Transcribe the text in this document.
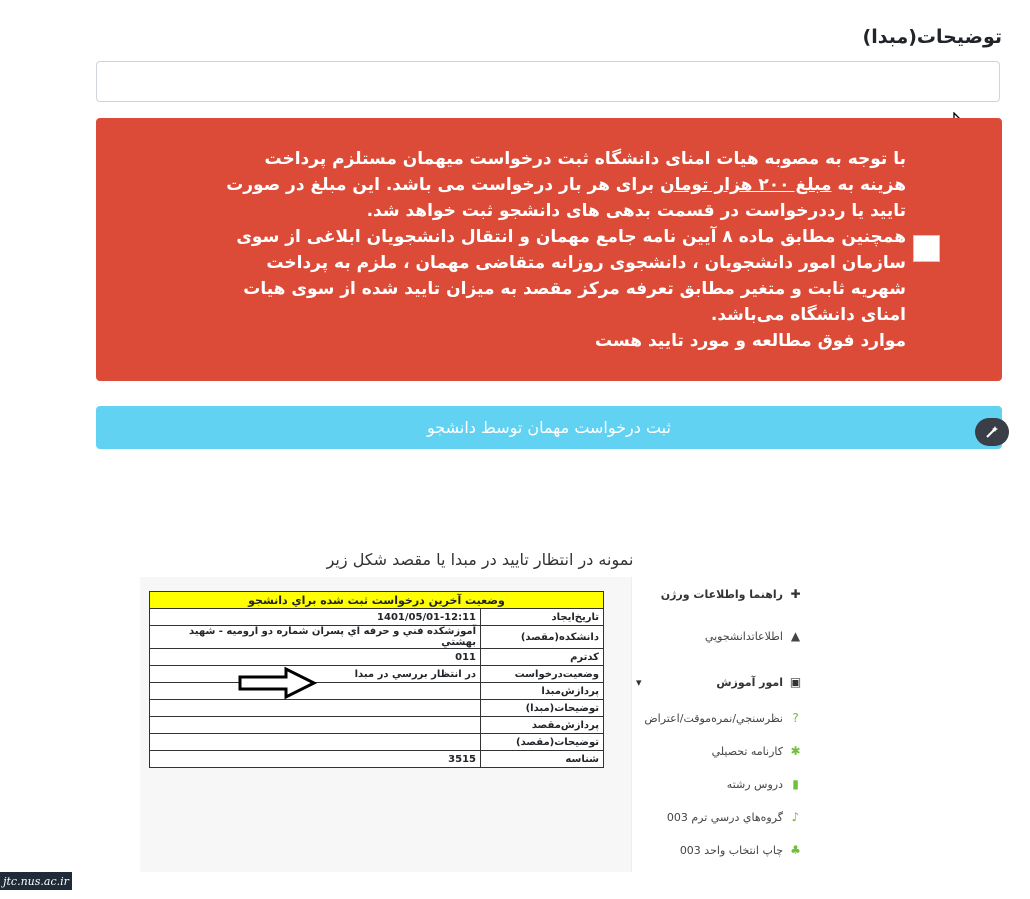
توضیحات(مبدا)

با توجه به مصوبه هیات امنای دانشگاه ثبت درخواست میهمان مستلزم پرداخت هزینه به مبلغ ۲۰۰ هزار تومان برای هر بار درخواست می باشد. این مبلغ در صورت تایید یا رددرخواست در قسمت بدهی های دانشجو ثبت خواهد شد.

همچنین مطابق ماده ۸ آیین نامه جامع مهمان و انتقال دانشجویان ابلاغی از سوی سازمان امور دانشجویان ، دانشجوی روزانه متقاضی مهمان ، ملزم به پرداخت شهریه ثابت و متغیر مطابق تعرفه مرکز مقصد به میزان تایید شده از سوی هیات امنای دانشگاه می‌باشد.

موارد فوق مطالعه و مورد تایید هست

ثبت درخواست مهمان توسط دانشجو
نمونه در انتظار تایید در مبدا یا مقصد شکل زیر
✚
راهنما واطلاعات ورژن
▲
اطلاعاتدانشجويي
▣
امور آموزش
?
نظرسنجي/نمره‌موقت/اعتراض
✱
كارنامه تحصيلي
▮
دروس رشته
♪
گروه‌هاي درسي ترم 003
♣
چاپ انتخاب واحد 003
▾
وضعيت آخرين درخواست ثبت شده براي دانشجو	
تاريخ‌ايجاد	1401/05/01-12:11
دانشكده(مقصد)	آموزشكده فني و حرفه اي پسران شماره دو اروميه - شهيد بهشتي
كدترم	011
وضعيت‌درخواست	در انتظار بررسي در مبدا
پردازش‌مبدا	
توضيحات(مبدا)	
پردازش‌مقصد	
توضيحات(مقصد)	
شناسه	3515
jtc.nus.ac.ir
